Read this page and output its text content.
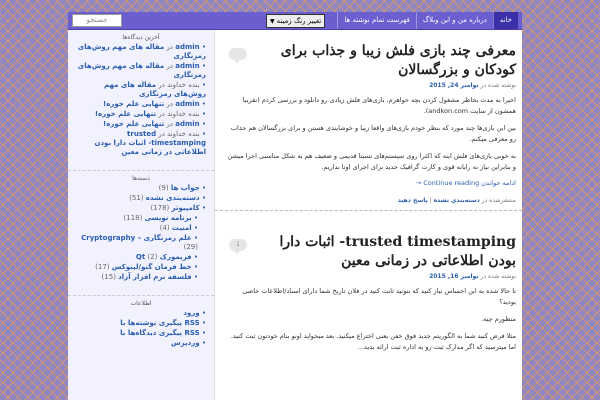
جستجو	▼ تغییر رنگ زمینه	خانه
درباره من و این وبلاگ
فهرست تمام نوشته ها
آخرین دیدگاه‌ها
• admin در مقاله های مهم روش‌های رمزنگاری
• admin در مقاله های مهم روش‌های رمزنگاری
• بنده خداوند در مقاله های مهم روش‌های رمزنگاری
• admin در تنهایی علم خوره!
• بنده خداوند در تنهایی علم خوره!
• admin در تنهایی علم خوره!
• بنده خداوند در trusted timestamping- اثبات دارا بودن اطلاعاتی در زمانی معین
دسته‌ها
• جواب ها (9)
• دسته‌بندی نشده (51)
• کامپیوتر (178)
• برنامه نویسی (118)
• امنیت (4)
• علم رمزنگاری – Cryptography (29)
• فریمورک Qt (2)
• خط فرمان گنو/لینوکس (17)
• فلسفه نرم افزار آزاد (15)
اطلاعات
• ورود
• RSS پیگیری نوشته‌ها با
• RSS پیگیری دیدگاه‌ها با
• وردپرس
معرفی چند بازی فلش زیبا و جذاب برای کودکان و بزرگسالان
نوشته شده در نوامبر 24, 2015

اخیرا به مدت بخاطر مشغول کردن بچه خواهرم، بازی‌های فلش زیادی رو دانلود و بررسی کردم (تقریبا همشون از سایت andkon.com).

بین این بازی‌ها چند مورد که بنظر خودم بازی‌های واقعا زیبا و خوشایندی هستن و برای بزرگسالان هم جذاب رو معرفی میکنم.

به خوبی بازی‌های فلش اینه که اکثرا روی سیستم‌های نسبتا قدیمی و ضعیف هم به شکل مناسبی اجرا میشن و بنابراین نیاز به رایانه قوی و کارت گرافیک جدید برای اجرای اونا نداریم.

ادامه خواندن Continue reading →
منتشرشده در دسته‌بندی نشده | پاسخ دهید
1	trusted timestamping- اثبات دارا بودن اطلاعاتی در زمانی معین
نوشته شده در نوامبر 16, 2015

تا حالا شده به این احساس نیاز کنید که بتونید ثابت کنید در فلان تاریخ شما دارای اسناد/اطلاعات خاصی بودید؟

منظورم چیه.

مثلا فرض کنید شما به الگوریتم جدید فوق خفن یعنی اختراع میکنید. بعد میخواید اونو بنام خودتون ثبت کنید. اما میترسید که اگر مدارک ثبت رو به اداره ثبت ارائه بدید...
